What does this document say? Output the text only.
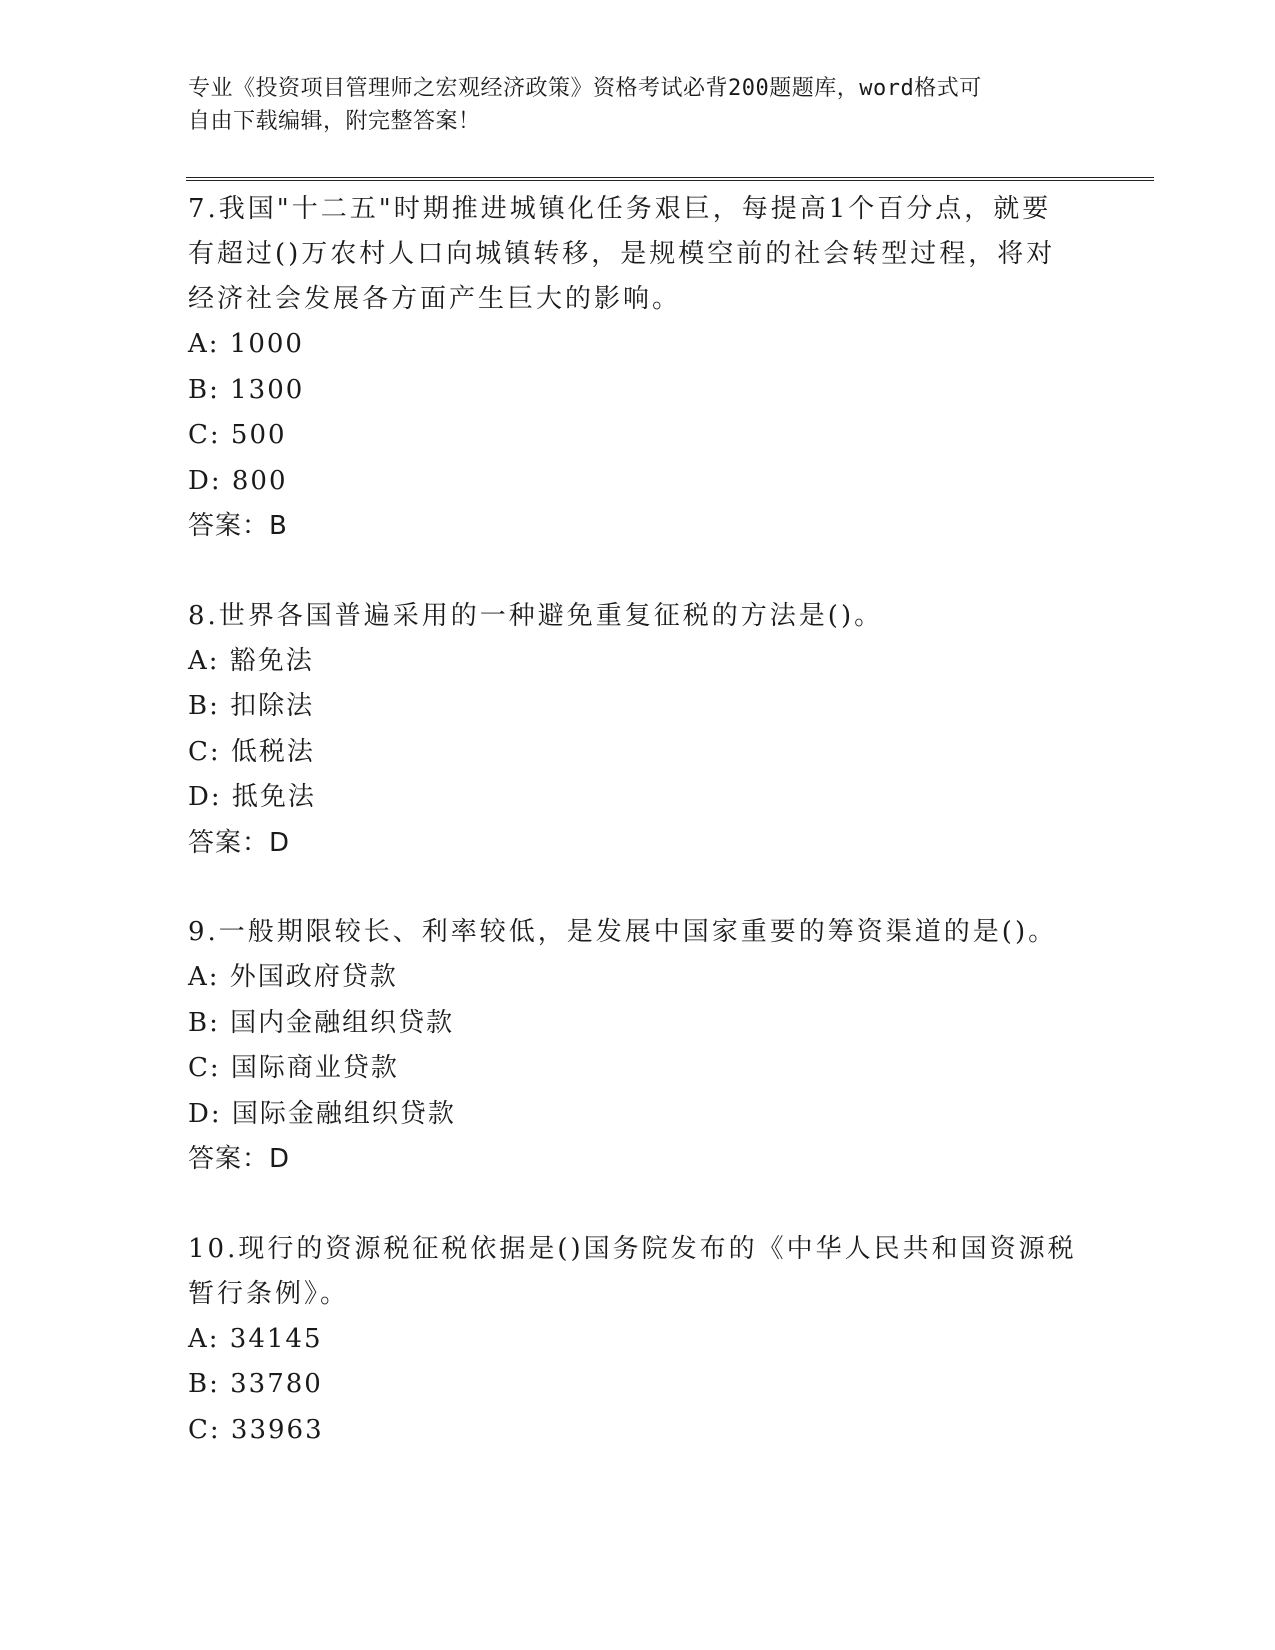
专业《投资项目管理师之宏观经济政策》资格考试必背200题题库，word格式可
自由下载编辑，附完整答案！

7.我国"十二五"时期推进城镇化任务艰巨，每提高1个百分点，就要

有超过()万农村人口向城镇转移，是规模空前的社会转型过程，将对

经济社会发展各方面产生巨大的影响。

A: 1000

B: 1300

C: 500

D: 800

答案：B

8.世界各国普遍采用的一种避免重复征税的方法是()。

A: 豁免法

B: 扣除法

C: 低税法

D: 抵免法

答案：D

9.一般期限较长、利率较低，是发展中国家重要的筹资渠道的是()。

A: 外国政府贷款

B: 国内金融组织贷款

C: 国际商业贷款

D: 国际金融组织贷款

答案：D

10.现行的资源税征税依据是()国务院发布的《中华人民共和国资源税

暂行条例》。

A: 34145

B: 33780

C: 33963
